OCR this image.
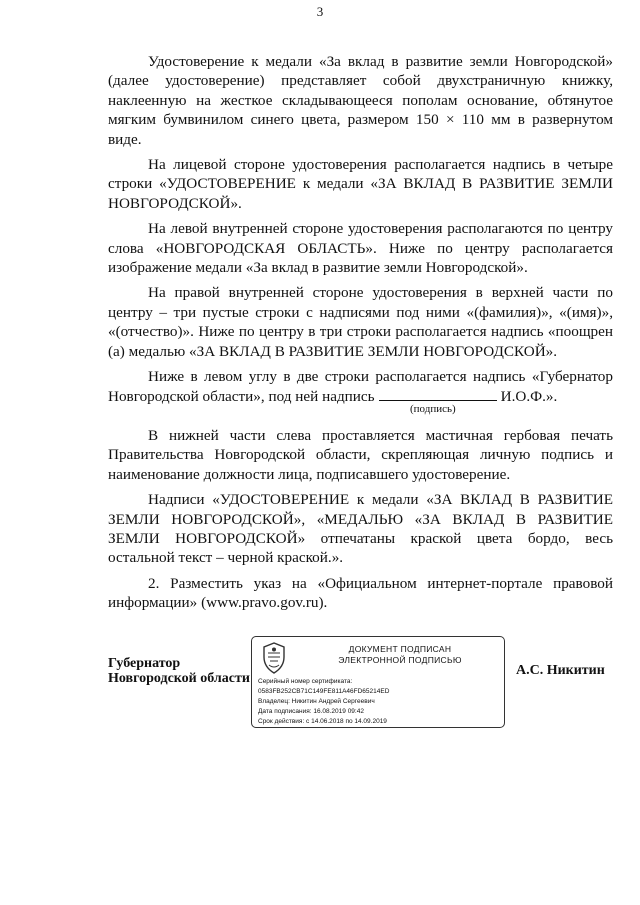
3

Удостоверение к медали «За вклад в развитие земли Новгородской» (далее удостоверение) представляет собой двухстраничную книжку, наклеенную на жесткое складывающееся пополам основание, обтянутое мягким бумвинилом синего цвета, размером 150 × 110 мм в развернутом виде.

На лицевой стороне удостоверения располагается надпись в четыре строки «УДОСТОВЕРЕНИЕ к медали «ЗА ВКЛАД В РАЗВИТИЕ ЗЕМЛИ НОВГОРОДСКОЙ».

На левой внутренней стороне удостоверения располагаются по центру слова «НОВГОРОДСКАЯ ОБЛАСТЬ». Ниже по центру располагается изображение медали «За вклад в развитие земли Новгородской».

На правой внутренней стороне удостоверения в верхней части по центру – три пустые строки с надписями под ними «(фамилия)», «(имя)», «(отчество)». Ниже по центру в три строки располагается надпись «поощрен (а) медалью «ЗА ВКЛАД В РАЗВИТИЕ ЗЕМЛИ НОВГОРОДСКОЙ».

Ниже в левом углу в две строки располагается надпись «Губернатор Новгородской области», под ней надпись	И.О.Ф.».

(подпись)

В нижней части слева проставляется мастичная гербовая печать Правительства Новгородской области, скрепляющая личную подпись и наименование должности лица, подписавшего удостоверение.

Надписи «УДОСТОВЕРЕНИЕ к медали «ЗА ВКЛАД В РАЗВИТИЕ ЗЕМЛИ НОВГОРОДСКОЙ», «МЕДАЛЬЮ «ЗА ВКЛАД В РАЗВИТИЕ ЗЕМЛИ НОВГОРОДСКОЙ» отпечатаны краской цвета бордо, весь остальной текст – черной краской.».

2. Разместить указ на «Официальном интернет-портале правовой информации» (www.pravo.gov.ru).

Губернатор
Новгородской области
ДОКУМЕНТ ПОДПИСАН
ЭЛЕКТРОННОЙ ПОДПИСЬЮ
Серийный номер сертификата:
0583FB252CB71C149FE811A46FD65214ED
Владелец: Никитин Андрей Сергеевич
Дата подписания: 16.08.2019 09:42
Срок действия: с 14.06.2018 по 14.09.2019
А.С. Никитин
